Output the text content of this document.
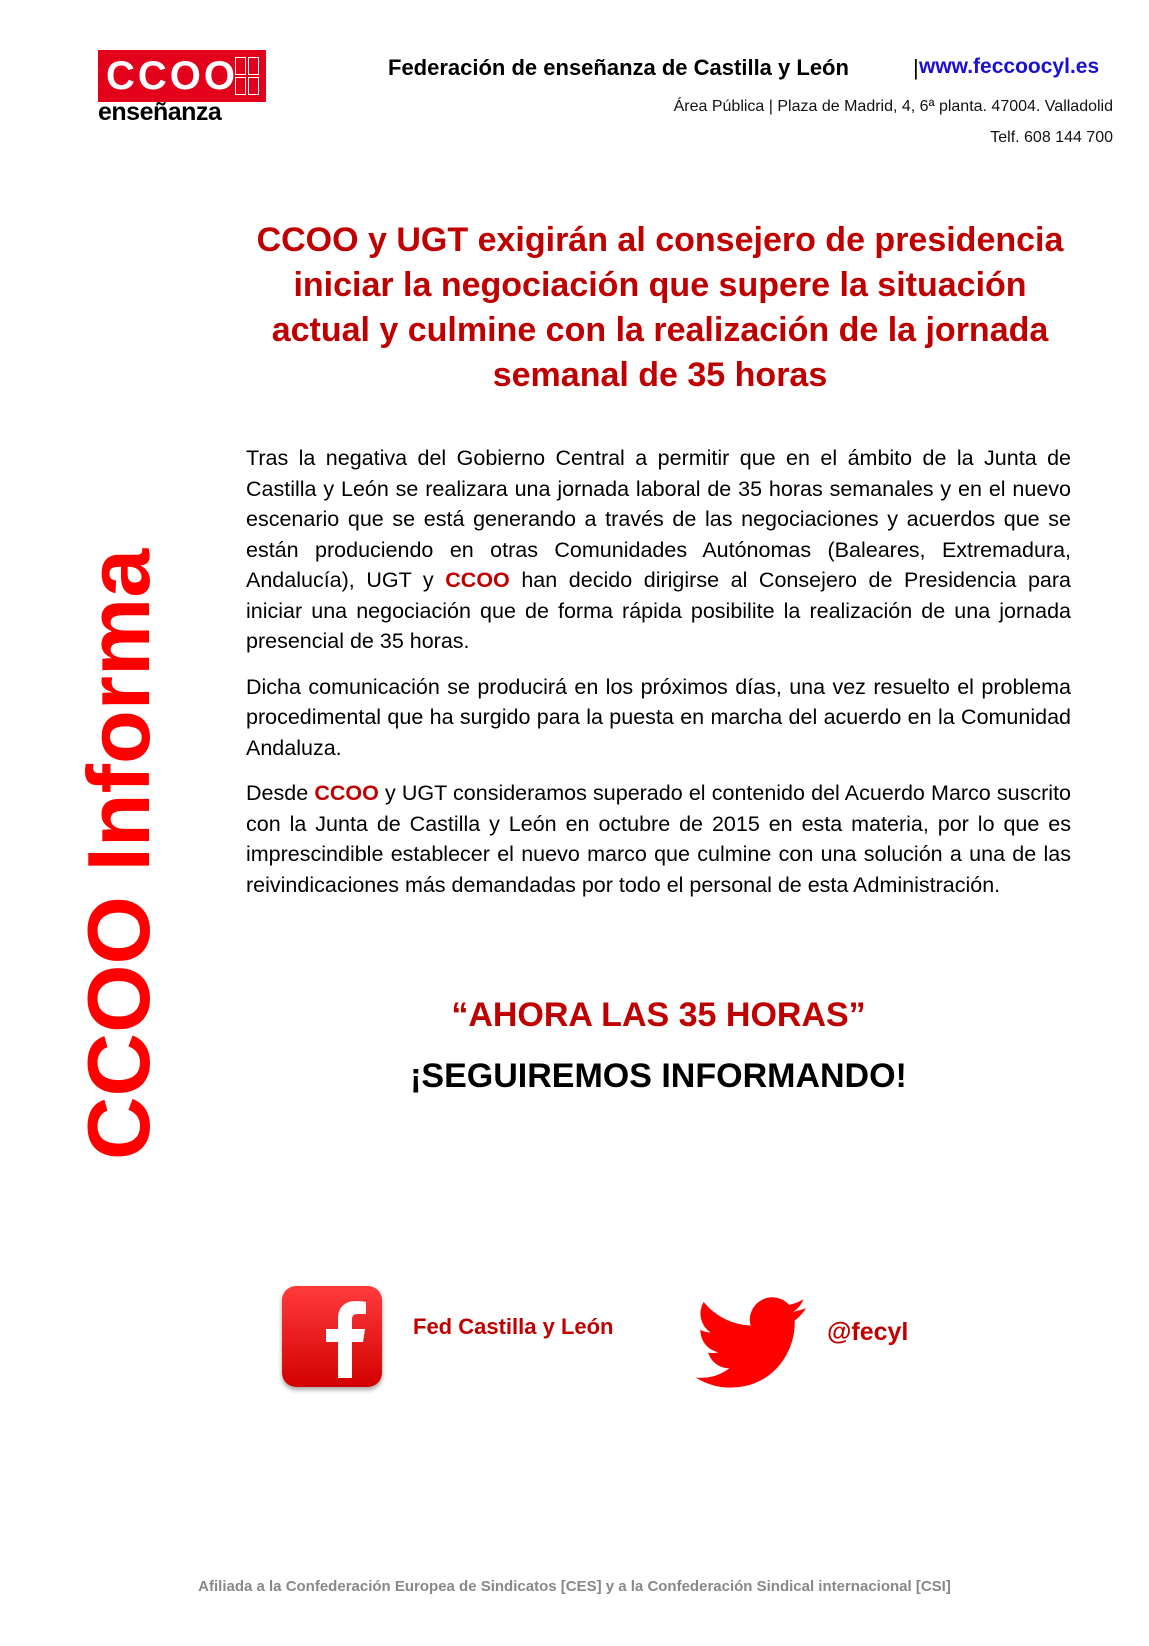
CCOO
enseñanza
Federación de enseñanza de Castilla y León	| www.feccoocyl.es
Área Pública | Plaza de Madrid, 4, 6ª planta. 47004. Valladolid
Telf. 608 144 700
CCOO Informa
CCOO y UGT exigirán al consejero de presidencia iniciar la negociación que supere la situación actual y culmine con la realización de la jornada semanal de 35 horas

Tras la negativa del Gobierno Central a permitir que en el ámbito de la Junta de Castilla y León se realizara una jornada laboral de 35 horas semanales y en el nuevo escenario que se está generando a través de las negociaciones y acuerdos que se están produciendo en otras Comunidades Autónomas (Baleares, Extremadura, Andalucía), UGT y CCOO han decido dirigirse al Consejero de Presidencia para iniciar una negociación que de forma rápida posibilite la realización de una jornada presencial de 35 horas.

Dicha comunicación se producirá en los próximos días, una vez resuelto el problema procedimental que ha surgido para la puesta en marcha del acuerdo en la Comunidad Andaluza.

Desde CCOO y UGT consideramos superado el contenido del Acuerdo Marco suscrito con la Junta de Castilla y León en octubre de 2015 en esta materia, por lo que es imprescindible establecer el nuevo marco que culmine con una solución a una de las reivindicaciones más demandadas por todo el personal de esta Administración.

“AHORA LAS 35 HORAS”
¡SEGUIREMOS INFORMANDO!
Fed Castilla y León	@fecyl
Afiliada a la Confederación Europea de Sindicatos [CES] y a la Confederación Sindical internacional [CSI]
